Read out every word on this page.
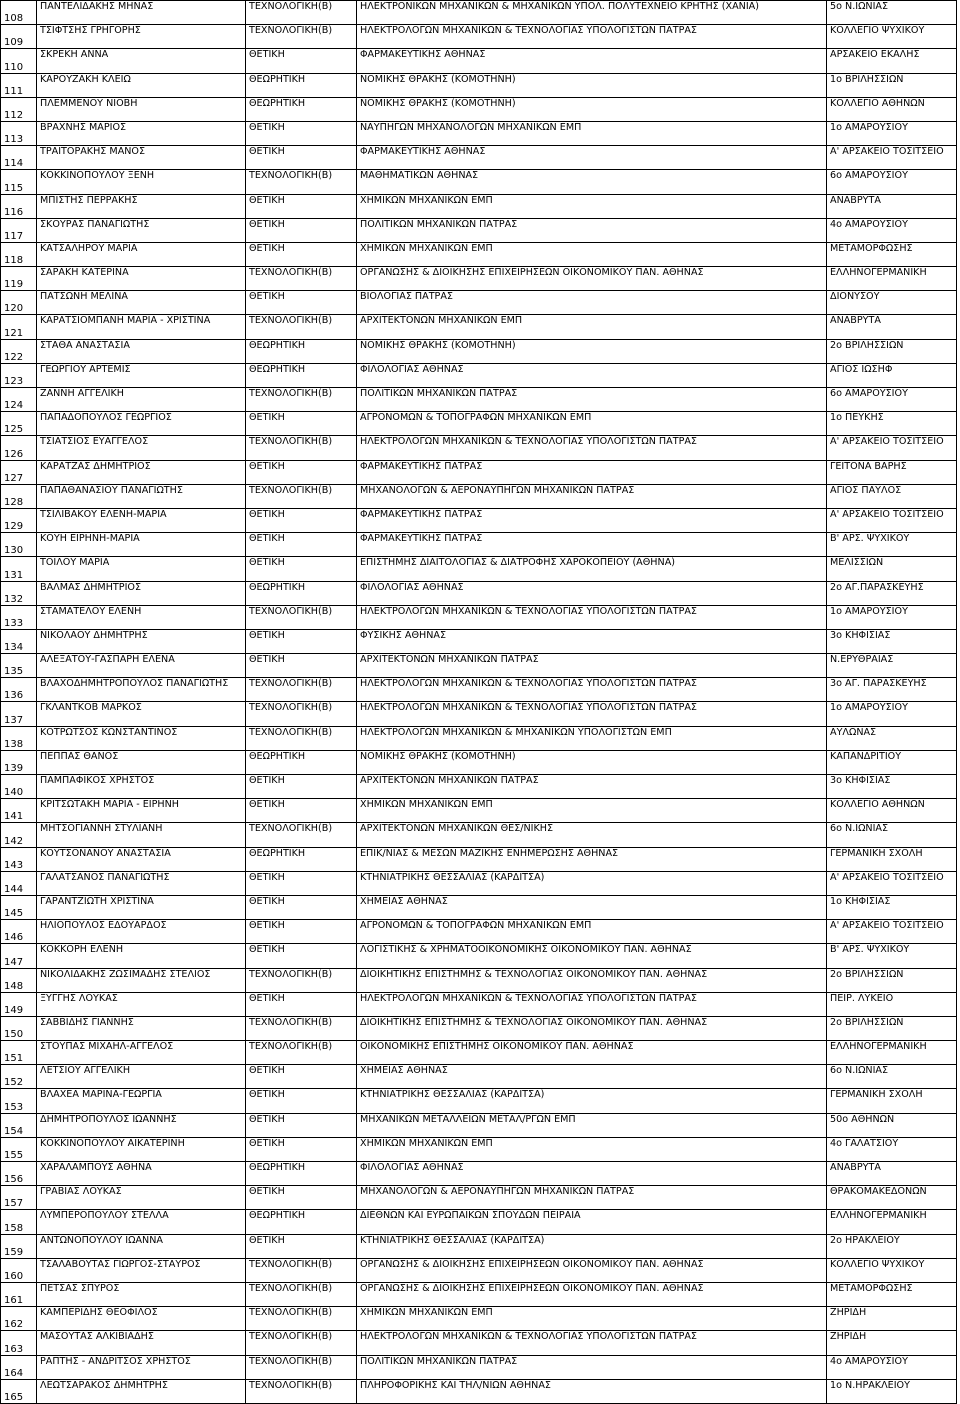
108	ΠΑΝΤΕΛΙΔΑΚΗΣ ΜΗΝΑΣ	ΤΕΧΝΟΛΟΓΙΚΗ(Β)	ΗΛΕΚΤΡΟΝΙΚΩΝ ΜΗΧΑΝΙΚΩΝ & ΜΗΧΑΝΙΚΩΝ ΥΠΟΛ. ΠΟΛΥΤΕΧΝΕΙΟ ΚΡΗΤΗΣ (ΧΑΝΙΑ)	5ο Ν.ΙΩΝΙΑΣ
109	ΤΣΙΦΤΣΗΣ ΓΡΗΓΟΡΗΣ	ΤΕΧΝΟΛΟΓΙΚΗ(Β)	ΗΛΕΚΤΡΟΛΟΓΩΝ ΜΗΧΑΝΙΚΩΝ & ΤΕΧΝΟΛΟΓΙΑΣ ΥΠΟΛΟΓΙΣΤΩΝ ΠΑΤΡΑΣ	ΚΟΛΛΕΓΙΟ ΨΥΧΙΚΟΥ
110	ΣΚΡΕΚΗ ΑΝΝΑ	ΘΕΤΙΚΗ	ΦΑΡΜΑΚΕΥΤΙΚΗΣ ΑΘΗΝΑΣ	ΑΡΣΑΚΕΙΟ ΕΚΑΛΗΣ
111	ΚΑΡΟΥΖΑΚΗ ΚΛΕΙΩ	ΘΕΩΡΗΤΙΚΗ	ΝΟΜΙΚΗΣ ΘΡΑΚΗΣ (ΚΟΜΟΤΗΝΗ)	1ο ΒΡΙΛΗΣΣΙΩΝ
112	ΠΛΕΜΜΕΝΟΥ ΝΙΟΒΗ	ΘΕΩΡΗΤΙΚΗ	ΝΟΜΙΚΗΣ ΘΡΑΚΗΣ (ΚΟΜΟΤΗΝΗ)	ΚΟΛΛΕΓΙΟ ΑΘΗΝΩΝ
113	ΒΡΑΧΝΗΣ ΜΑΡΙΟΣ	ΘΕΤΙΚΗ	ΝΑΥΠΗΓΩΝ ΜΗΧΑΝΟΛΟΓΩΝ ΜΗΧΑΝΙΚΩΝ ΕΜΠ	1ο ΑΜΑΡΟΥΣΙΟΥ
114	ΤΡΑΪΤΟΡΑΚΗΣ ΜΑΝΟΣ	ΘΕΤΙΚΗ	ΦΑΡΜΑΚΕΥΤΙΚΗΣ ΑΘΗΝΑΣ	Α' ΑΡΣΑΚΕΙΟ ΤΟΣΙΤΣΕΙΟ
115	ΚΟΚΚΙΝΟΠΟΥΛΟΥ ΞΕΝΗ	ΤΕΧΝΟΛΟΓΙΚΗ(Β)	ΜΑΘΗΜΑΤΙΚΩΝ ΑΘΗΝΑΣ	6ο ΑΜΑΡΟΥΣΙΟΥ
116	ΜΠΙΣΤΗΣ ΠΕΡΡΑΚΗΣ	ΘΕΤΙΚΗ	ΧΗΜΙΚΩΝ ΜΗΧΑΝΙΚΩΝ ΕΜΠ	ΑΝΑΒΡΥΤΑ
117	ΣΚΟΥΡΑΣ ΠΑΝΑΓΙΩΤΗΣ	ΘΕΤΙΚΗ	ΠΟΛΙΤΙΚΩΝ ΜΗΧΑΝΙΚΩΝ ΠΑΤΡΑΣ	4ο ΑΜΑΡΟΥΣΙΟΥ
118	ΚΑΤΣΑΛΗΡΟΥ ΜΑΡΙΑ	ΘΕΤΙΚΗ	ΧΗΜΙΚΩΝ ΜΗΧΑΝΙΚΩΝ ΕΜΠ	ΜΕΤΑΜΟΡΦΩΣΗΣ
119	ΣΑΡΑΚΗ ΚΑΤΕΡΙΝΑ	ΤΕΧΝΟΛΟΓΙΚΗ(Β)	ΟΡΓΑΝΩΣΗΣ & ΔΙΟΙΚΗΣΗΣ ΕΠΙΧΕΙΡΗΣΕΩΝ ΟΙΚΟΝΟΜΙΚΟΥ ΠΑΝ. ΑΘΗΝΑΣ	ΕΛΛΗΝΟΓΕΡΜΑΝΙΚΗ
120	ΠΑΤΣΩΝΗ ΜΕΛΙΝΑ	ΘΕΤΙΚΗ	ΒΙΟΛΟΓΙΑΣ ΠΑΤΡΑΣ	ΔΙΟΝΥΣΟΥ
121	ΚΑΡΑΤΣΙΟΜΠΑΝΗ ΜΑΡΙΑ - ΧΡΙΣΤΙΝΑ	ΤΕΧΝΟΛΟΓΙΚΗ(Β)	ΑΡΧΙΤΕΚΤΟΝΩΝ ΜΗΧΑΝΙΚΩΝ ΕΜΠ	ΑΝΑΒΡΥΤΑ
122	ΣΤΑΘΑ ΑΝΑΣΤΑΣΙΑ	ΘΕΩΡΗΤΙΚΗ	ΝΟΜΙΚΗΣ ΘΡΑΚΗΣ (ΚΟΜΟΤΗΝΗ)	2ο ΒΡΙΛΗΣΣΙΩΝ
123	ΓΕΩΡΓΙΟΥ ΑΡΤΕΜΙΣ	ΘΕΩΡΗΤΙΚΗ	ΦΙΛΟΛΟΓΙΑΣ ΑΘΗΝΑΣ	ΑΓΙΟΣ ΙΩΣΗΦ
124	ΖΑΝΝΗ ΑΓΓΕΛΙΚΗ	ΤΕΧΝΟΛΟΓΙΚΗ(Β)	ΠΟΛΙΤΙΚΩΝ ΜΗΧΑΝΙΚΩΝ ΠΑΤΡΑΣ	6ο ΑΜΑΡΟΥΣΙΟΥ
125	ΠΑΠΑΔΟΠΟΥΛΟΣ ΓΕΩΡΓΙΟΣ	ΘΕΤΙΚΗ	ΑΓΡΟΝΟΜΩΝ & ΤΟΠΟΓΡΑΦΩΝ ΜΗΧΑΝΙΚΩΝ ΕΜΠ	1ο ΠΕΥΚΗΣ
126	ΤΣΙΑΤΣΙΟΣ ΕΥΑΓΓΕΛΟΣ	ΤΕΧΝΟΛΟΓΙΚΗ(Β)	ΗΛΕΚΤΡΟΛΟΓΩΝ ΜΗΧΑΝΙΚΩΝ & ΤΕΧΝΟΛΟΓΙΑΣ ΥΠΟΛΟΓΙΣΤΩΝ ΠΑΤΡΑΣ	Α' ΑΡΣΑΚΕΙΟ ΤΟΣΙΤΣΕΙΟ
127	ΚΑΡΑΤΖΑΣ ΔΗΜΗΤΡΙΟΣ	ΘΕΤΙΚΗ	ΦΑΡΜΑΚΕΥΤΙΚΗΣ ΠΑΤΡΑΣ	ΓΕΙΤΟΝΑ ΒΑΡΗΣ
128	ΠΑΠΑΘΑΝΑΣΙΟΥ ΠΑΝΑΓΙΩΤΗΣ	ΤΕΧΝΟΛΟΓΙΚΗ(Β)	ΜΗΧΑΝΟΛΟΓΩΝ & ΑΕΡΟΝΑΥΠΗΓΩΝ ΜΗΧΑΝΙΚΩΝ ΠΑΤΡΑΣ	ΑΓΙΟΣ ΠΑΥΛΟΣ
129	ΤΣΙΛΙΒΑΚΟΥ ΕΛΕΝΗ-ΜΑΡΙΑ	ΘΕΤΙΚΗ	ΦΑΡΜΑΚΕΥΤΙΚΗΣ ΠΑΤΡΑΣ	Α' ΑΡΣΑΚΕΙΟ ΤΟΣΙΤΣΕΙΟ
130	ΚΟΥΗ ΕΙΡΗΝΗ-ΜΑΡΙΑ	ΘΕΤΙΚΗ	ΦΑΡΜΑΚΕΥΤΙΚΗΣ ΠΑΤΡΑΣ	Β' ΑΡΣ. ΨΥΧΙΚΟΥ
131	ΤΟΪΛΟΥ ΜΑΡΙΑ	ΘΕΤΙΚΗ	ΕΠΙΣΤΗΜΗΣ ΔΙΑΙΤΟΛΟΓΙΑΣ & ΔΙΑΤΡΟΦΗΣ ΧΑΡΟΚΟΠΕΙΟΥ (ΑΘΗΝΑ)	ΜΕΛΙΣΣΙΩΝ
132	ΒΑΛΜΑΣ ΔΗΜΗΤΡΙΟΣ	ΘΕΩΡΗΤΙΚΗ	ΦΙΛΟΛΟΓΙΑΣ ΑΘΗΝΑΣ	2ο ΑΓ.ΠΑΡΑΣΚΕΥΗΣ
133	ΣΤΑΜΑΤΕΛΟΥ ΕΛΕΝΗ	ΤΕΧΝΟΛΟΓΙΚΗ(Β)	ΗΛΕΚΤΡΟΛΟΓΩΝ ΜΗΧΑΝΙΚΩΝ & ΤΕΧΝΟΛΟΓΙΑΣ ΥΠΟΛΟΓΙΣΤΩΝ ΠΑΤΡΑΣ	1ο ΑΜΑΡΟΥΣΙΟΥ
134	ΝΙΚΟΛΑΟΥ ΔΗΜΗΤΡΗΣ	ΘΕΤΙΚΗ	ΦΥΣΙΚΗΣ ΑΘΗΝΑΣ	3ο ΚΗΦΙΣΙΑΣ
135	ΑΛΕΞΑΤΟΥ-ΓΑΣΠΑΡΗ ΕΛΕΝΑ	ΘΕΤΙΚΗ	ΑΡΧΙΤΕΚΤΟΝΩΝ ΜΗΧΑΝΙΚΩΝ ΠΑΤΡΑΣ	Ν.ΕΡΥΘΡΑΙΑΣ
136	ΒΛΑΧΟΔΗΜΗΤΡΟΠΟΥΛΟΣ ΠΑΝΑΓΙΩΤΗΣ	ΤΕΧΝΟΛΟΓΙΚΗ(Β)	ΗΛΕΚΤΡΟΛΟΓΩΝ ΜΗΧΑΝΙΚΩΝ & ΤΕΧΝΟΛΟΓΙΑΣ ΥΠΟΛΟΓΙΣΤΩΝ ΠΑΤΡΑΣ	3ο ΑΓ. ΠΑΡΑΣΚΕΥΗΣ
137	ΓΚΛΑΝΤΚΟΒ ΜΑΡΚΟΣ	ΤΕΧΝΟΛΟΓΙΚΗ(Β)	ΗΛΕΚΤΡΟΛΟΓΩΝ ΜΗΧΑΝΙΚΩΝ & ΤΕΧΝΟΛΟΓΙΑΣ ΥΠΟΛΟΓΙΣΤΩΝ ΠΑΤΡΑΣ	1ο ΑΜΑΡΟΥΣΙΟΥ
138	ΚΟΤΡΩΤΣΟΣ ΚΩΝΣΤΑΝΤΙΝΟΣ	ΤΕΧΝΟΛΟΓΙΚΗ(Β)	ΗΛΕΚΤΡΟΛΟΓΩΝ ΜΗΧΑΝΙΚΩΝ & ΜΗΧΑΝΙΚΩΝ ΥΠΟΛΟΓΙΣΤΩΝ ΕΜΠ	ΑΥΛΩΝΑΣ
139	ΠΕΠΠΑΣ ΘΑΝΟΣ	ΘΕΩΡΗΤΙΚΗ	ΝΟΜΙΚΗΣ ΘΡΑΚΗΣ (ΚΟΜΟΤΗΝΗ)	ΚΑΠΑΝΔΡΙΤΙΟΥ
140	ΠΑΜΠΑΦΙΚΟΣ ΧΡΗΣΤΟΣ	ΘΕΤΙΚΗ	ΑΡΧΙΤΕΚΤΟΝΩΝ ΜΗΧΑΝΙΚΩΝ ΠΑΤΡΑΣ	3ο ΚΗΦΙΣΙΑΣ
141	ΚΡΙΤΣΩΤΑΚΗ ΜΑΡΙΑ - ΕΙΡΗΝΗ	ΘΕΤΙΚΗ	ΧΗΜΙΚΩΝ ΜΗΧΑΝΙΚΩΝ ΕΜΠ	ΚΟΛΛΕΓΙΟ ΑΘΗΝΩΝ
142	ΜΗΤΣΟΓΙΑΝΝΗ ΣΤΥΛΙΑΝΗ	ΤΕΧΝΟΛΟΓΙΚΗ(Β)	ΑΡΧΙΤΕΚΤΟΝΩΝ ΜΗΧΑΝΙΚΩΝ ΘΕΣ/ΝΙΚΗΣ	6ο Ν.ΙΩΝΙΑΣ
143	ΚΟΥΤΣΟΝΑΝΟΥ ΑΝΑΣΤΑΣΙΑ	ΘΕΩΡΗΤΙΚΗ	ΕΠΙΚ/ΝΙΑΣ & ΜΕΣΩΝ ΜΑΖΙΚΗΣ ΕΝΗΜΕΡΩΣΗΣ ΑΘΗΝΑΣ	ΓΕΡΜΑΝΙΚΗ ΣΧΟΛΗ
144	ΓΑΛΑΤΣΑΝΟΣ ΠΑΝΑΓΙΩΤΗΣ	ΘΕΤΙΚΗ	ΚΤΗΝΙΑΤΡΙΚΗΣ ΘΕΣΣΑΛΙΑΣ (ΚΑΡΔΙΤΣΑ)	Α' ΑΡΣΑΚΕΙΟ ΤΟΣΙΤΣΕΙΟ
145	ΓΑΡΑΝΤΖΙΩΤΗ ΧΡΙΣΤΙΝΑ	ΘΕΤΙΚΗ	ΧΗΜΕΙΑΣ ΑΘΗΝΑΣ	1ο ΚΗΦΙΣΙΑΣ
146	ΗΛΙΟΠΟΥΛΟΣ ΕΔΟΥΑΡΔΟΣ	ΘΕΤΙΚΗ	ΑΓΡΟΝΟΜΩΝ & ΤΟΠΟΓΡΑΦΩΝ ΜΗΧΑΝΙΚΩΝ ΕΜΠ	Α' ΑΡΣΑΚΕΙΟ ΤΟΣΙΤΣΕΙΟ
147	ΚΟΚΚΟΡΗ ΕΛΕΝΗ	ΘΕΤΙΚΗ	ΛΟΓΙΣΤΙΚΗΣ & ΧΡΗΜΑΤΟΟΙΚΟΝΟΜΙΚΗΣ ΟΙΚΟΝΟΜΙΚΟΥ ΠΑΝ. ΑΘΗΝΑΣ	Β' ΑΡΣ. ΨΥΧΙΚΟΥ
148	ΝΙΚΟΛΙΔΑΚΗΣ ΖΩΣΙΜΑΔΗΣ ΣΤΕΛΙΟΣ	ΤΕΧΝΟΛΟΓΙΚΗ(Β)	ΔΙΟΙΚΗΤΙΚΗΣ ΕΠΙΣΤΗΜΗΣ & ΤΕΧΝΟΛΟΓΙΑΣ ΟΙΚΟΝΟΜΙΚΟΥ ΠΑΝ. ΑΘΗΝΑΣ	2ο ΒΡΙΛΗΣΣΙΩΝ
149	ΞΥΓΓΗΣ ΛΟΥΚΑΣ	ΘΕΤΙΚΗ	ΗΛΕΚΤΡΟΛΟΓΩΝ ΜΗΧΑΝΙΚΩΝ & ΤΕΧΝΟΛΟΓΙΑΣ ΥΠΟΛΟΓΙΣΤΩΝ ΠΑΤΡΑΣ	ΠΕΙΡ. ΛΥΚΕΙΟ
150	ΣΑΒΒΙΔΗΣ ΓΙΑΝΝΗΣ	ΤΕΧΝΟΛΟΓΙΚΗ(Β)	ΔΙΟΙΚΗΤΙΚΗΣ ΕΠΙΣΤΗΜΗΣ & ΤΕΧΝΟΛΟΓΙΑΣ ΟΙΚΟΝΟΜΙΚΟΥ ΠΑΝ. ΑΘΗΝΑΣ	2ο ΒΡΙΛΗΣΣΙΩΝ
151	ΣΤΟΥΠΑΣ ΜΙΧΑΗΛ-ΑΓΓΕΛΟΣ	ΤΕΧΝΟΛΟΓΙΚΗ(Β)	ΟΙΚΟΝΟΜΙΚΗΣ ΕΠΙΣΤΗΜΗΣ ΟΙΚΟΝΟΜΙΚΟΥ ΠΑΝ. ΑΘΗΝΑΣ	ΕΛΛΗΝΟΓΕΡΜΑΝΙΚΗ
152	ΛΕΤΣΙΟΥ ΑΓΓΕΛΙΚΗ	ΘΕΤΙΚΗ	ΧΗΜΕΙΑΣ ΑΘΗΝΑΣ	6ο Ν.ΙΩΝΙΑΣ
153	ΒΛΑΧΕΑ ΜΑΡΙΝΑ-ΓΕΩΡΓΙΑ	ΘΕΤΙΚΗ	ΚΤΗΝΙΑΤΡΙΚΗΣ ΘΕΣΣΑΛΙΑΣ (ΚΑΡΔΙΤΣΑ)	ΓΕΡΜΑΝΙΚΗ ΣΧΟΛΗ
154	ΔΗΜΗΤΡΟΠΟΥΛΟΣ ΙΩΑΝΝΗΣ	ΘΕΤΙΚΗ	ΜΗΧΑΝΙΚΩΝ ΜΕΤΑΛΛΕΙΩΝ ΜΕΤΑΛ/ΡΓΩΝ ΕΜΠ	50ο ΑΘΗΝΩΝ
155	ΚΟΚΚΙΝΟΠΟΥΛΟΥ ΑΙΚΑΤΕΡΙΝΗ	ΘΕΤΙΚΗ	ΧΗΜΙΚΩΝ ΜΗΧΑΝΙΚΩΝ ΕΜΠ	4ο ΓΑΛΑΤΣΙΟΥ
156	ΧΑΡΑΛΑΜΠΟΥΣ ΑΘΗΝΑ	ΘΕΩΡΗΤΙΚΗ	ΦΙΛΟΛΟΓΙΑΣ ΑΘΗΝΑΣ	ΑΝΑΒΡΥΤΑ
157	ΓΡΑΒΙΑΣ ΛΟΥΚΑΣ	ΘΕΤΙΚΗ	ΜΗΧΑΝΟΛΟΓΩΝ & ΑΕΡΟΝΑΥΠΗΓΩΝ ΜΗΧΑΝΙΚΩΝ ΠΑΤΡΑΣ	ΘΡΑΚΟΜΑΚΕΔΟΝΩΝ
158	ΛΥΜΠΕΡΟΠΟΥΛΟΥ ΣΤΕΛΛΑ	ΘΕΩΡΗΤΙΚΗ	ΔΙΕΘΝΩΝ ΚΑΙ ΕΥΡΩΠΑΪΚΩΝ ΣΠΟΥΔΩΝ ΠΕΙΡΑΙΑ	ΕΛΛΗΝΟΓΕΡΜΑΝΙΚΗ
159	ΑΝΤΩΝΟΠΟΥΛΟΥ ΙΩΑΝΝΑ	ΘΕΤΙΚΗ	ΚΤΗΝΙΑΤΡΙΚΗΣ ΘΕΣΣΑΛΙΑΣ (ΚΑΡΔΙΤΣΑ)	2ο ΗΡΑΚΛΕΙΟΥ
160	ΤΣΑΛΑΒΟΥΤΑΣ ΓΙΩΡΓΟΣ-ΣΤΑΥΡΟΣ	ΤΕΧΝΟΛΟΓΙΚΗ(Β)	ΟΡΓΑΝΩΣΗΣ & ΔΙΟΙΚΗΣΗΣ ΕΠΙΧΕΙΡΗΣΕΩΝ ΟΙΚΟΝΟΜΙΚΟΥ ΠΑΝ. ΑΘΗΝΑΣ	ΚΟΛΛΕΓΙΟ ΨΥΧΙΚΟΥ
161	ΠΕΤΣΑΣ ΣΠΥΡΟΣ	ΤΕΧΝΟΛΟΓΙΚΗ(Β)	ΟΡΓΑΝΩΣΗΣ & ΔΙΟΙΚΗΣΗΣ ΕΠΙΧΕΙΡΗΣΕΩΝ ΟΙΚΟΝΟΜΙΚΟΥ ΠΑΝ. ΑΘΗΝΑΣ	ΜΕΤΑΜΟΡΦΩΣΗΣ
162	ΚΑΜΠΕΡΙΔΗΣ ΘΕΟΦΙΛΟΣ	ΤΕΧΝΟΛΟΓΙΚΗ(Β)	ΧΗΜΙΚΩΝ ΜΗΧΑΝΙΚΩΝ ΕΜΠ	ΖΗΡΙΔΗ
163	ΜΑΣΟΥΤΑΣ ΑΛΚΙΒΙΑΔΗΣ	ΤΕΧΝΟΛΟΓΙΚΗ(Β)	ΗΛΕΚΤΡΟΛΟΓΩΝ ΜΗΧΑΝΙΚΩΝ & ΤΕΧΝΟΛΟΓΙΑΣ ΥΠΟΛΟΓΙΣΤΩΝ ΠΑΤΡΑΣ	ΖΗΡΙΔΗ
164	ΡΑΠΤΗΣ - ΑΝΔΡΙΤΣΟΣ ΧΡΗΣΤΟΣ	ΤΕΧΝΟΛΟΓΙΚΗ(Β)	ΠΟΛΙΤΙΚΩΝ ΜΗΧΑΝΙΚΩΝ ΠΑΤΡΑΣ	4ο ΑΜΑΡΟΥΣΙΟΥ
165	ΛΕΩΤΣΑΡΑΚΟΣ ΔΗΜΗΤΡΗΣ	ΤΕΧΝΟΛΟΓΙΚΗ(Β)	ΠΛΗΡΟΦΟΡΙΚΗΣ ΚΑΙ ΤΗΛ/ΝΙΩΝ ΑΘΗΝΑΣ	1ο Ν.ΗΡΑΚΛΕΙΟΥ
